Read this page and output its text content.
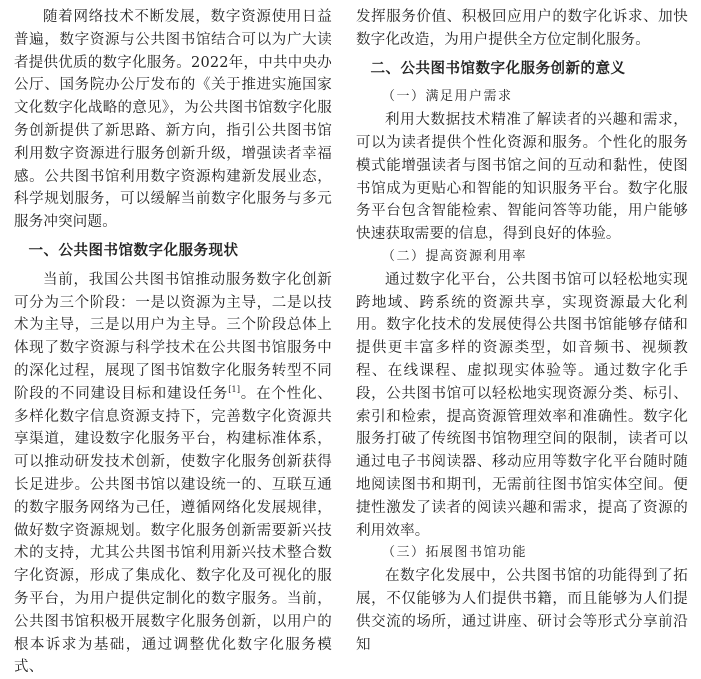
随着网络技术不断发展，数字资源使用日益普遍，数字资源与公共图书馆结合可以为广大读者提供优质的数字化服务。2022年，中共中央办公厅、国务院办公厅发布的《关于推进实施国家文化数字化战略的意见》，为公共图书馆数字化服务创新提供了新思路、新方向，指引公共图书馆利用数字资源进行服务创新升级，增强读者幸福感。公共图书馆利用数字资源构建新发展业态，科学规划服务，可以缓解当前数字化服务与多元服务冲突问题。

一、公共图书馆数字化服务现状

当前，我国公共图书馆推动服务数字化创新可分为三个阶段：一是以资源为主导，二是以技术为主导，三是以用户为主导。三个阶段总体上体现了数字资源与科学技术在公共图书馆服务中的深化过程，展现了图书馆数字化服务转型不同阶段的不同建设目标和建设任务[1]。在个性化、多样化数字信息资源支持下，完善数字化资源共享渠道，建设数字化服务平台，构建标准体系，可以推动研发技术创新，使数字化服务创新获得长足进步。公共图书馆以建设统一的、互联互通的数字服务网络为己任，遵循网络化发展规律，做好数字资源规划。数字化服务创新需要新兴技术的支持，尤其公共图书馆利用新兴技术整合数字化资源，形成了集成化、数字化及可视化的服务平台，为用户提供定制化的数字服务。当前，公共图书馆积极开展数字化服务创新，以用户的根本诉求为基础，通过调整优化数字化服务模式、

发挥服务价值、积极回应用户的数字化诉求、加快数字化改造，为用户提供全方位定制化服务。

二、公共图书馆数字化服务创新的意义

（一）满足用户需求

利用大数据技术精准了解读者的兴趣和需求，可以为读者提供个性化资源和服务。个性化的服务模式能增强读者与图书馆之间的互动和黏性，使图书馆成为更贴心和智能的知识服务平台。数字化服务平台包含智能检索、智能问答等功能，用户能够快速获取需要的信息，得到良好的体验。

（二）提高资源利用率

通过数字化平台，公共图书馆可以轻松地实现跨地域、跨系统的资源共享，实现资源最大化利用。数字化技术的发展使得公共图书馆能够存储和提供更丰富多样的资源类型，如音频书、视频教程、在线课程、虚拟现实体验等。通过数字化手段，公共图书馆可以轻松地实现资源分类、标引、索引和检索，提高资源管理效率和准确性。数字化服务打破了传统图书馆物理空间的限制，读者可以通过电子书阅读器、移动应用等数字化平台随时随地阅读图书和期刊，无需前往图书馆实体空间。便捷性激发了读者的阅读兴趣和需求，提高了资源的利用效率。

（三）拓展图书馆功能

在数字化发展中，公共图书馆的功能得到了拓展，不仅能够为人们提供书籍，而且能够为人们提供交流的场所，通过讲座、研讨会等形式分享前沿知
